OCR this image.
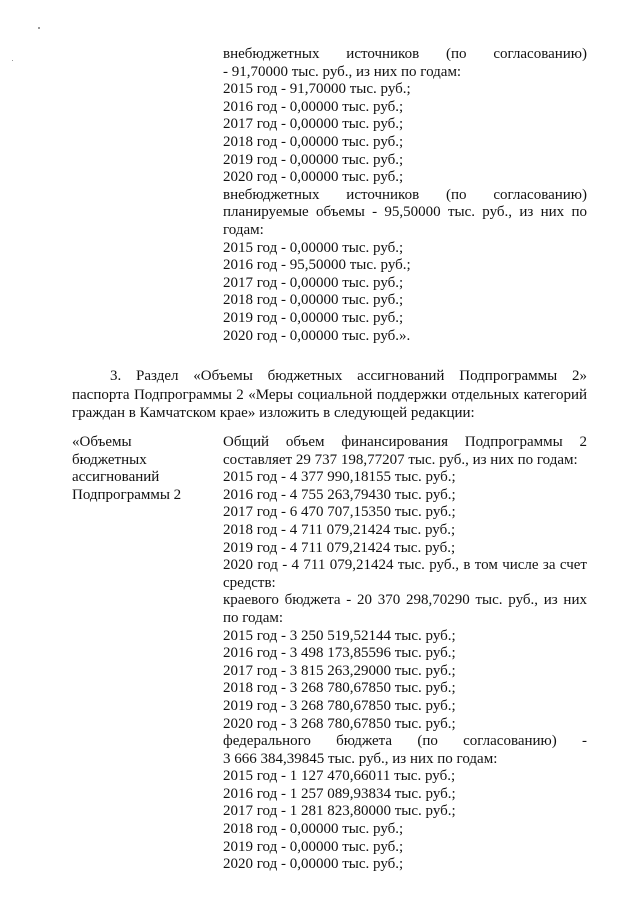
внебюджетных источников (по согласованию)
- 91,70000 тыс. руб., из них по годам:
2015 год - 91,70000 тыс. руб.;
2016 год - 0,00000 тыс. руб.;
2017 год - 0,00000 тыс. руб.;
2018 год - 0,00000 тыс. руб.;
2019 год - 0,00000 тыс. руб.;
2020 год - 0,00000 тыс. руб.;
внебюджетных источников (по согласованию)
планируемые объемы - 95,50000 тыс. руб., из них по
годам:
2015 год - 0,00000 тыс. руб.;
2016 год - 95,50000 тыс. руб.;
2017 год - 0,00000 тыс. руб.;
2018 год - 0,00000 тыс. руб.;
2019 год - 0,00000 тыс. руб.;
2020 год - 0,00000 тыс. руб.».
3. Раздел «Объемы бюджетных ассигнований Подпрограммы 2»
паспорта Подпрограммы 2 «Меры социальной поддержки отдельных категорий
граждан в Камчатском крае» изложить в следующей редакции:
«Объемы
бюджетных
ассигнований
Подпрограммы 2
Общий объем финансирования Подпрограммы 2
составляет 29 737 198,77207 тыс. руб., из них по годам:
2015 год - 4 377 990,18155 тыс. руб.;
2016 год - 4 755 263,79430 тыс. руб.;
2017 год - 6 470 707,15350 тыс. руб.;
2018 год - 4 711 079,21424 тыс. руб.;
2019 год - 4 711 079,21424 тыс. руб.;
2020 год - 4 711 079,21424 тыс. руб., в том числе за счет
средств:
краевого бюджета - 20 370 298,70290 тыс. руб., из них
по годам:
2015 год - 3 250 519,52144 тыс. руб.;
2016 год - 3 498 173,85596 тыс. руб.;
2017 год - 3 815 263,29000 тыс. руб.;
2018 год - 3 268 780,67850 тыс. руб.;
2019 год - 3 268 780,67850 тыс. руб.;
2020 год - 3 268 780,67850 тыс. руб.;
федерального бюджета (по согласованию) -
3 666 384,39845 тыс. руб., из них по годам:
2015 год - 1 127 470,66011 тыс. руб.;
2016 год - 1 257 089,93834 тыс. руб.;
2017 год - 1 281 823,80000 тыс. руб.;
2018 год - 0,00000 тыс. руб.;
2019 год - 0,00000 тыс. руб.;
2020 год - 0,00000 тыс. руб.;
